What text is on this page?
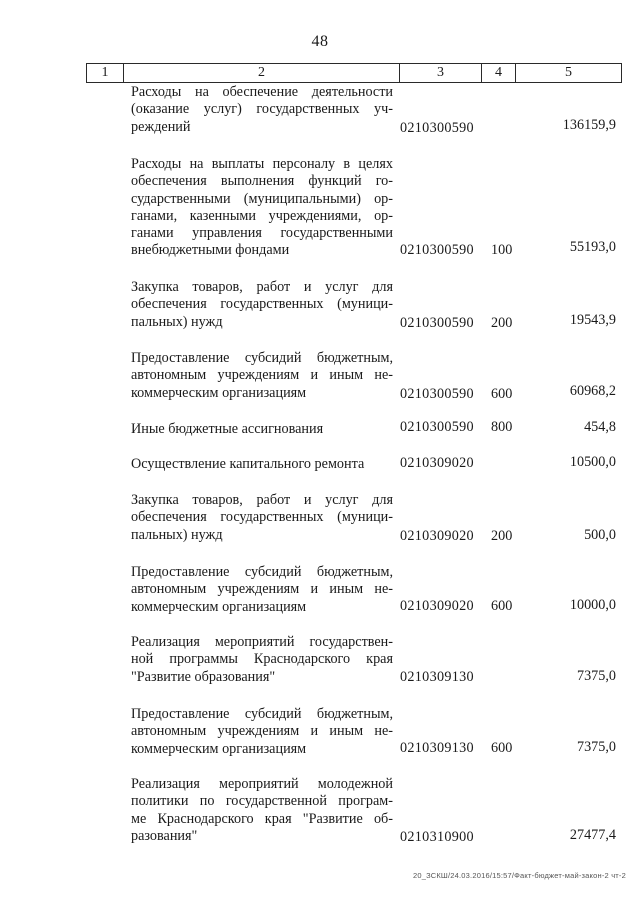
48
1	2	3	4	5
Расходы на обеспечение деятельности
(оказание услуг) государственных уч-
реждений	0210300590	136159,9
Расходы на выплаты персоналу в целях
обеспечения выполнения функций го-
сударственными (муниципальными) ор-
ганами, казенными учреждениями, ор-
ганами управления государственными
внебюджетными фондами	0210300590 100	55193,0
Закупка товаров, работ и услуг для
обеспечения государственных (муници-
пальных) нужд	0210300590 200	19543,9
Предоставление субсидий бюджетным,
автономным учреждениям и иным не-
коммерческим организациям	0210300590 600	60968,2
Иные бюджетные ассигнования	0210300590 800	454,8
Осуществление капитального ремонта	0210309020	10500,0
Закупка товаров, работ и услуг для
обеспечения государственных (муници-
пальных) нужд	0210309020 200	500,0
Предоставление субсидий бюджетным,
автономным учреждениям и иным не-
коммерческим организациям	0210309020 600	10000,0
Реализация мероприятий государствен-
ной программы Краснодарского края
"Развитие образования"	0210309130	7375,0
Предоставление субсидий бюджетным,
автономным учреждениям и иным не-
коммерческим организациям	0210309130 600	7375,0
Реализация мероприятий молодежной
политики по государственной програм-
ме Краснодарского края "Развитие об-
разования"	0210310900	27477,4
20_ЗСКШ/24.03.2016/15:57/Факт-бюджет-май-закон-2 чт-2
